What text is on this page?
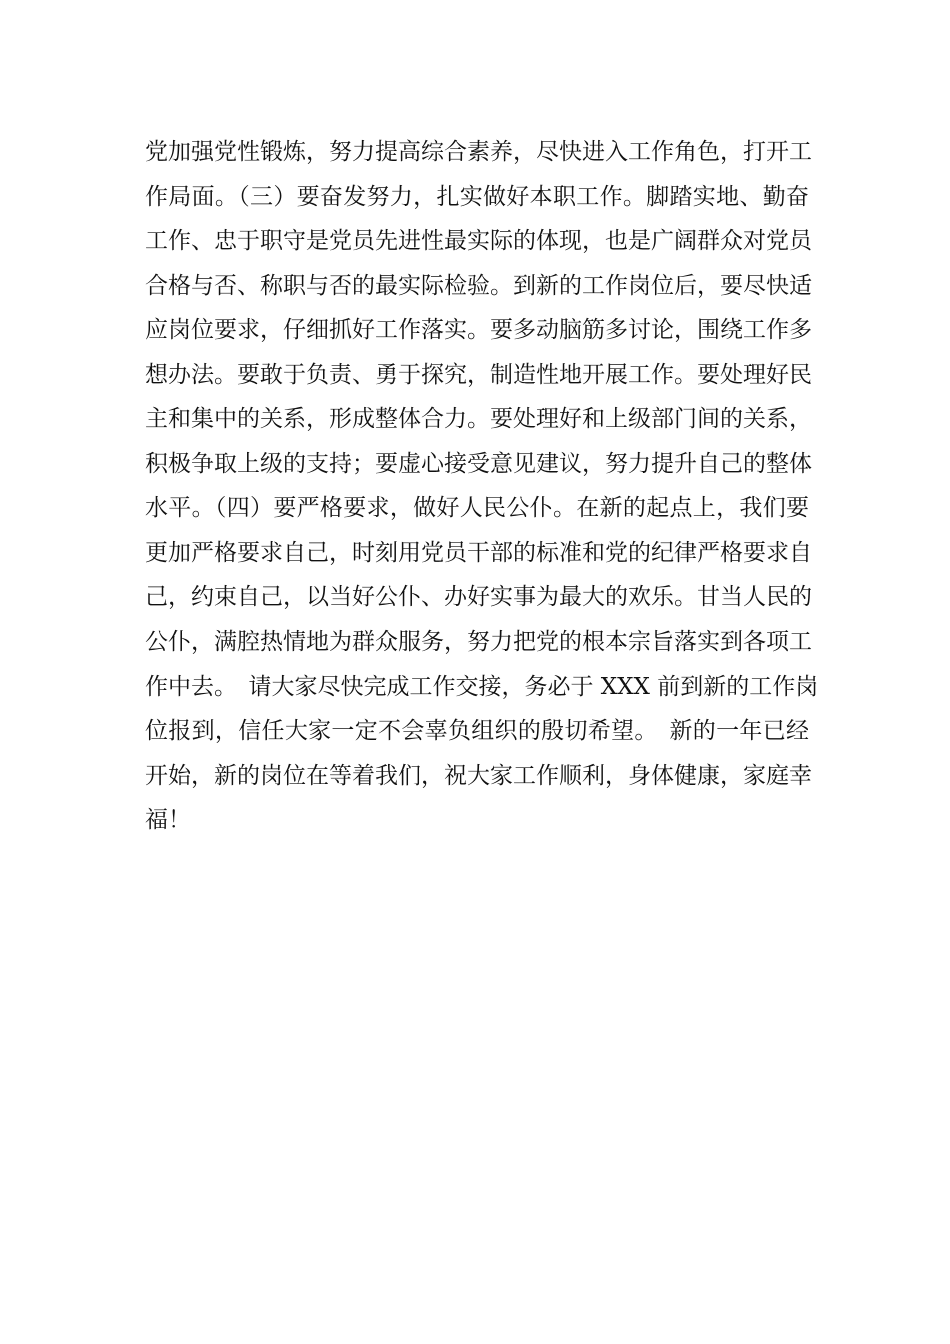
党加强党性锻炼，努力提高综合素养，尽快进入工作角色，打开工
作局面。（三）要奋发努力，扎实做好本职工作。脚踏实地、勤奋
工作、忠于职守是党员先进性最实际的体现，也是广阔群众对党员
合格与否、称职与否的最实际检验。到新的工作岗位后，要尽快适
应岗位要求，仔细抓好工作落实。要多动脑筋多讨论，围绕工作多
想办法。要敢于负责、勇于探究，制造性地开展工作。要处理好民
主和集中的关系，形成整体合力。要处理好和上级部门间的关系，
积极争取上级的支持；要虚心接受意见建议，努力提升自己的整体
水平。（四）要严格要求，做好人民公仆。在新的起点上，我们要
更加严格要求自己，时刻用党员干部的标准和党的纪律严格要求自
己，约束自己，以当好公仆、办好实事为最大的欢乐。甘当人民的
公仆，满腔热情地为群众服务，努力把党的根本宗旨落实到各项工
作中去。　请大家尽快完成工作交接，务必于 XXX 前到新的工作岗
位报到，信任大家一定不会辜负组织的殷切希望。　新的一年已经
开始，新的岗位在等着我们，祝大家工作顺利，身体健康，家庭幸
福！
